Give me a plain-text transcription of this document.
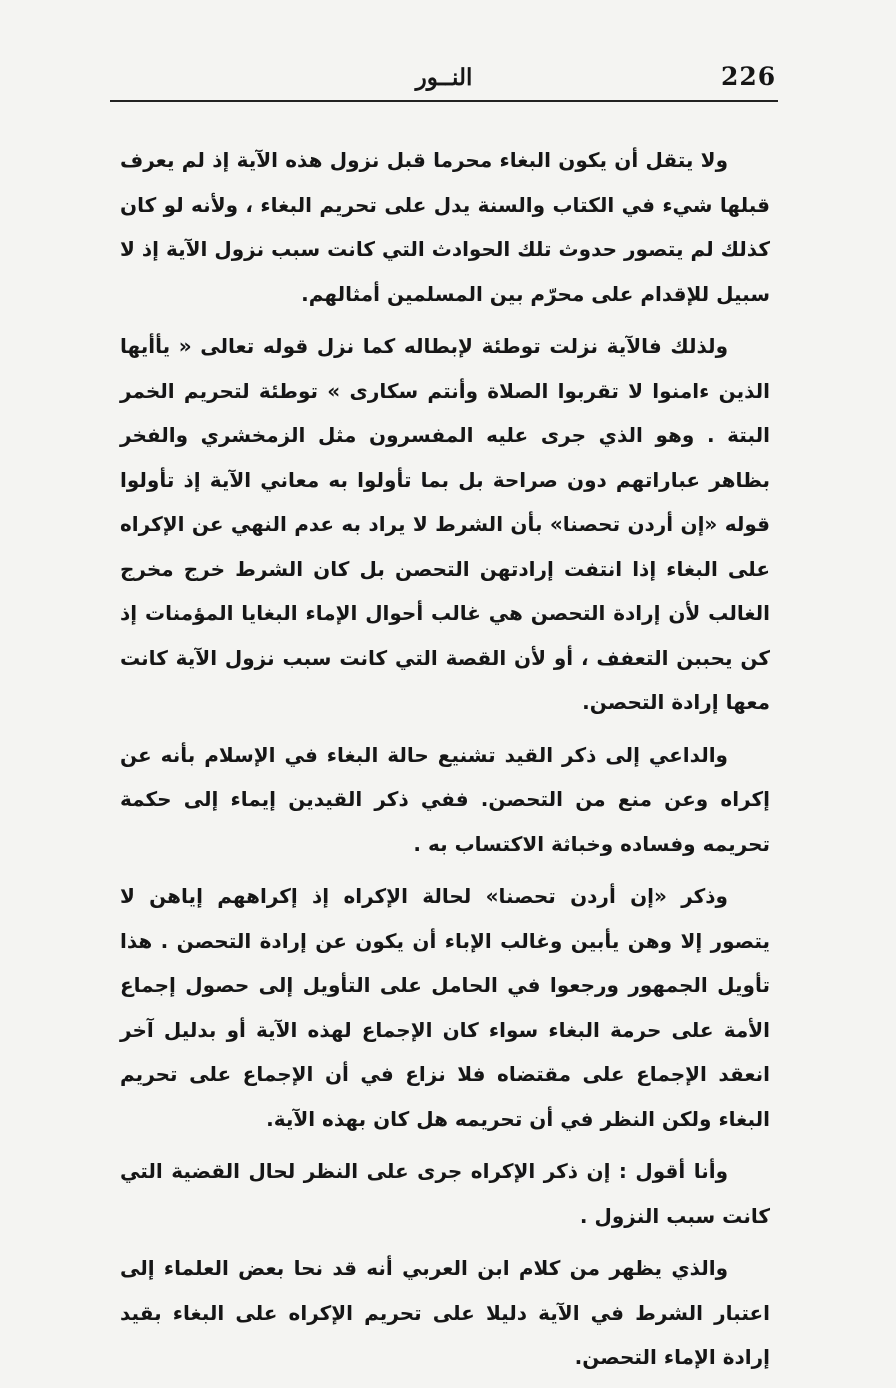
226
النــور

ولا يتقل أن يكون البغاء محرما قبل نزول هذه الآية إذ لم يعرف قبلها شيء في الكتاب والسنة يدل على تحريم البغاء ، ولأنه لو كان كذلك لم يتصور حدوث تلك الحوادث التي كانت سبب نزول الآية إذ لا سبيل للإقدام على محرّم بين المسلمين أمثالهم.

ولذلك فالآية نزلت توطئة لإبطاله كما نزل قوله تعالى « يأأيها الذين ءامنوا لا تقربوا الصلاة وأنتم سكارى » توطئة لتحريم الخمر البتة . وهو الذي جرى عليه المفسرون مثل الزمخشري والفخر بظاهر عباراتهم دون صراحة بل بما تأولوا به معاني الآية إذ تأولوا قوله «إن أردن تحصنا» بأن الشرط لا يراد به عدم النهي عن الإكراه على البغاء إذا انتفت إرادتهن التحصن بل كان الشرط خرج مخرج الغالب لأن إرادة التحصن هي غالب أحوال الإماء البغايا المؤمنات إذ كن يحببن التعفف ، أو لأن القصة التي كانت سبب نزول الآية كانت معها إرادة التحصن.

والداعي إلى ذكر القيد تشنيع حالة البغاء في الإسلام بأنه عن إكراه وعن منع من التحصن. ففي ذكر القيدين إيماء إلى حكمة تحريمه وفساده وخباثة الاكتساب به .

وذكر «إن أردن تحصنا» لحالة الإكراه إذ إكراههم إياهن لا يتصور إلا وهن يأبين وغالب الإباء أن يكون عن إرادة التحصن . هذا تأويل الجمهور ورجعوا في الحامل على التأويل إلى حصول إجماع الأمة على حرمة البغاء سواء كان الإجماع لهذه الآية أو بدليل آخر انعقد الإجماع على مقتضاه فلا نزاع في أن الإجماع على تحريم البغاء ولكن النظر في أن تحريمه هل كان بهذه الآية.

وأنا أقول : إن ذكر الإكراه جرى على النظر لحال القضية التي كانت سبب النزول .

والذي يظهر من كلام ابن العربي أنه قد نحا بعض العلماء إلى اعتبار الشرط في الآية دليلا على تحريم الإكراه على البغاء بقيد إرادة الإماء التحصن.
